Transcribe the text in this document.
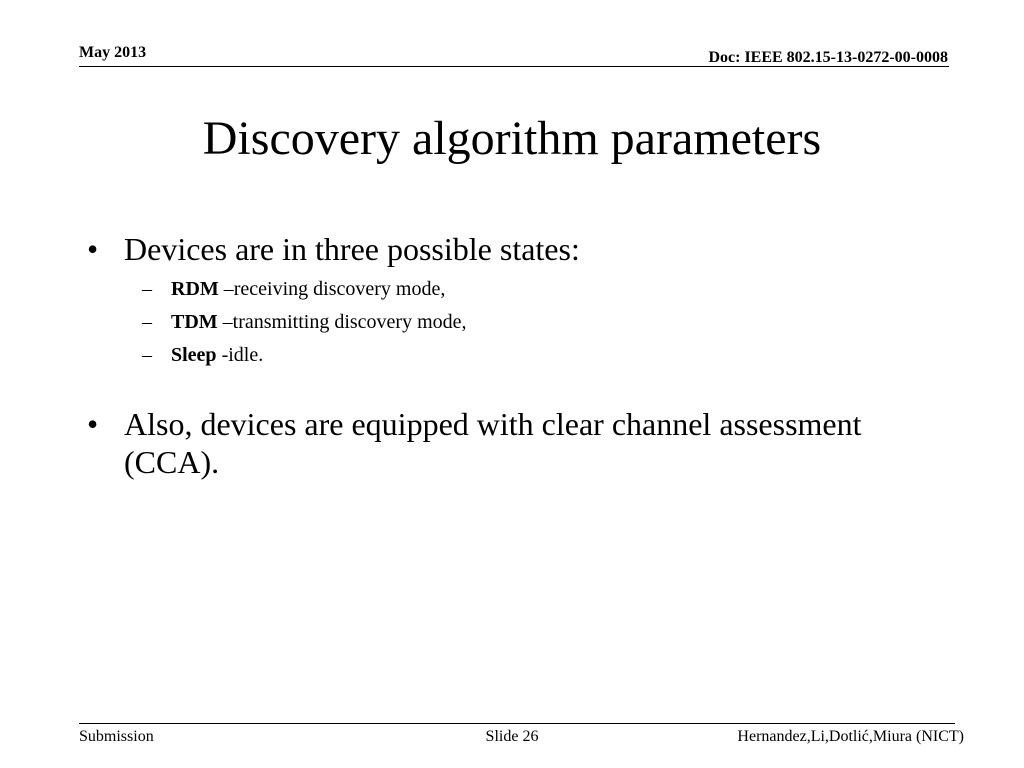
May 2013	Doc: IEEE 802.15-13-0272-00-0008
Discovery algorithm parameters
• Devices are in three possible states:
– RDM –receiving discovery mode,
– TDM –transmitting discovery mode,
– Sleep -idle.
• Also, devices are equipped with clear channel assessment (CCA).
Submission	Slide 26	Hernandez,Li,Dotlić,Miura (NICT)
